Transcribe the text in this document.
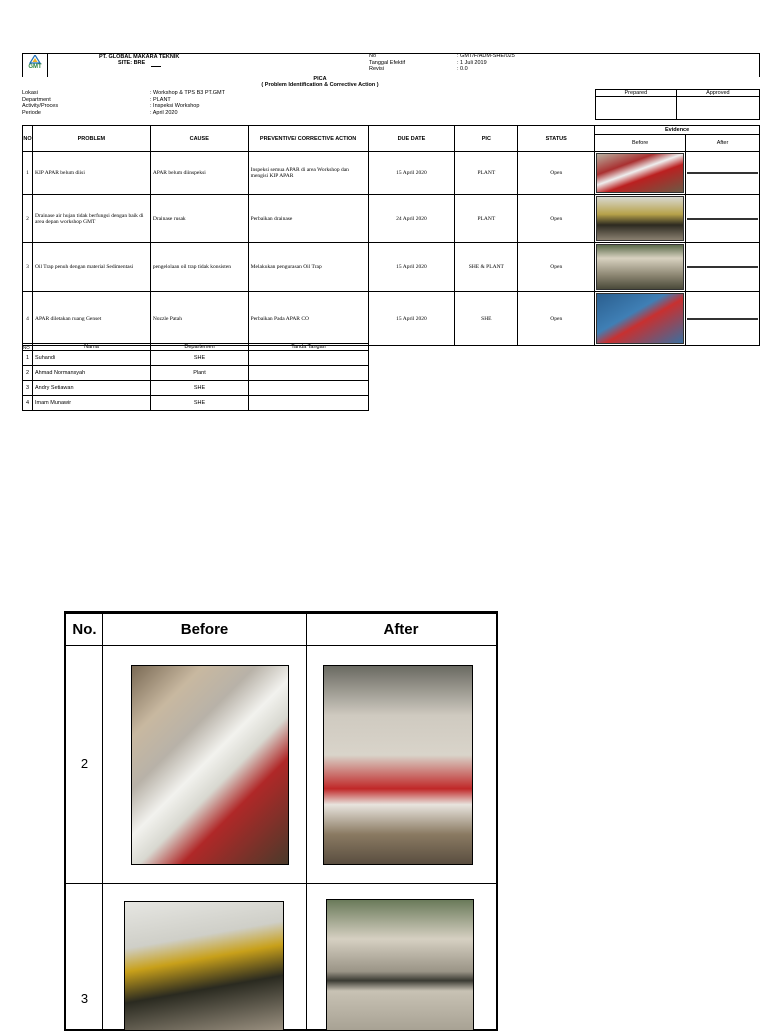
GMT
PT. GLOBAL MAKARA TEKNIK
SITE: BRE
No	: GMT/F/ADM-SHE/025
Tanggal Efektif	: 1 Juli 2019
Revisi	: 0.0
PICA
( Problem Identification & Corrective Action )
Lokasi	: Workshop & TPS B3 PT.GMT
Department	: PLANT
Activity/Proces	: Inspeksi Workshop
Periode	: April 2020
Prepared	Approved

NO	PROBLEM	CAUSE	PREVENTIVE/ CORRECTIVE ACTION	DUE DATE	PIC	STATUS	Evidence	
							Before	After
1	KIP APAR belum diisi	APAR belum diinspeksi	Inspeksi semua APAR di area Workshop dan mengisi KIP APAR	15 April 2020	PLANT	Open	

2	Drainase air hujan tidak berfungsi dengan baik di area depan workshop GMT	Drainase rusak	Perbaikan drainase	24 April 2020	PLANT	Open	

3	Oil Trap penuh dengan material Sedimentasi	pengelolaan oil trap tidak konsisten	Melakukan pengurasan Oil Trap	15 April 2020	SHE & PLANT	Open	

4	APAR diletakan ruang Genset	Nozzle Patah	Perbaikan Pada APAR CO	15 April 2020	SHE	Open	

NO	Nama	Departemen	Tanda Tangan
1	Suhandi	SHE	
2	Ahmad Normansyah	Plant	
3	Andry Setiawan	SHE	
4	Imam Munawir	SHE	
No.	Before	After
2
3
